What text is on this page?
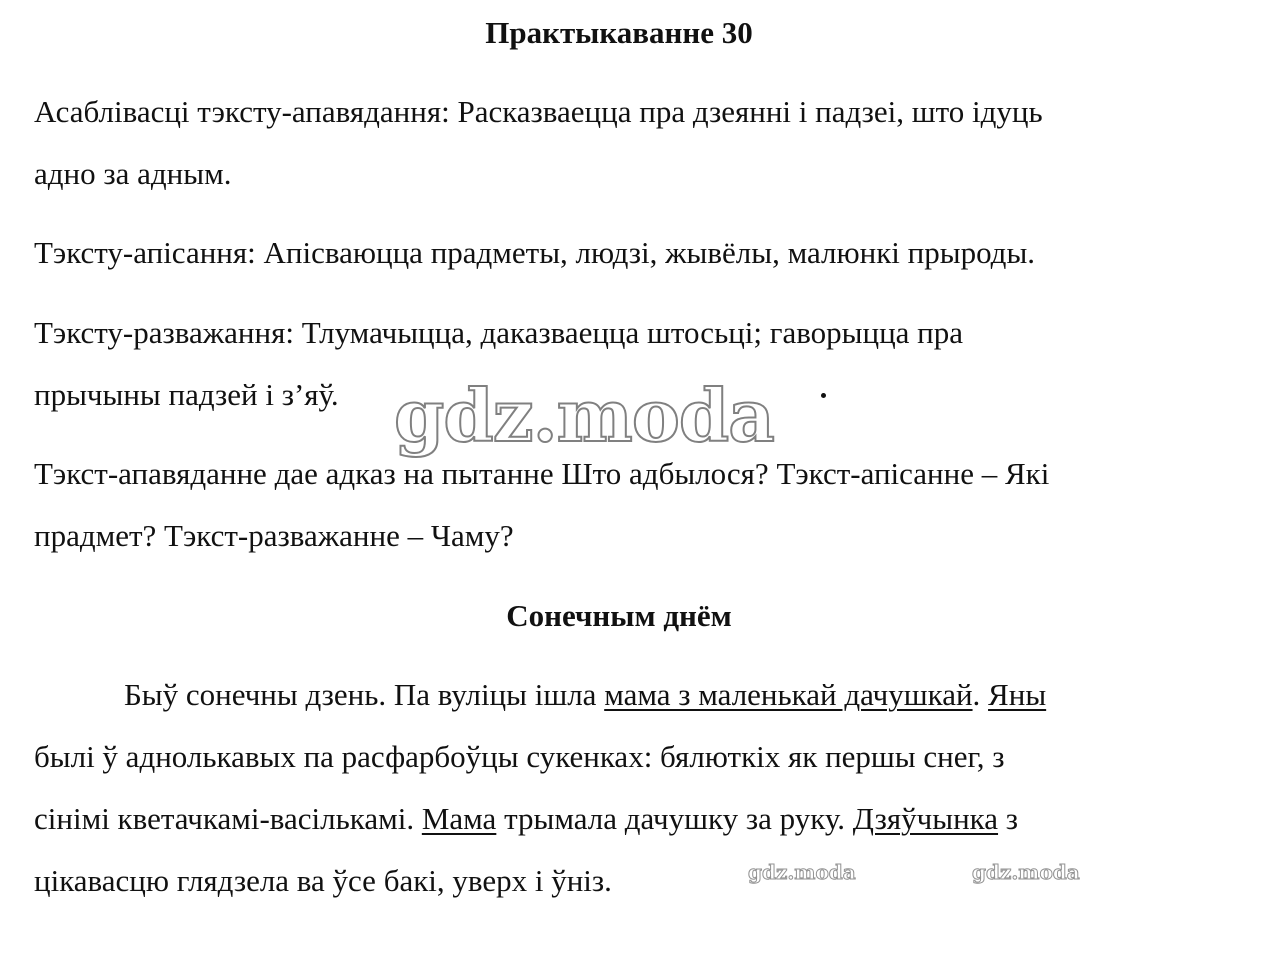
Практыкаванне 30
Асаблівасці тэксту-апавядання: Расказваецца пра дзеянні і падзеі, што ідуць
адно за адным.
Тэксту-апісання: Апісваюцца прадметы, людзі, жывёлы, малюнкі прыроды.
Тэксту-разважання: Тлумачыцца, даказваецца штосьці; гаворыцца пра
прычыны падзей і з’яў.
Тэкст-апавяданне дае адказ на пытанне Што адбылося? Тэкст-апісанне – Які
прадмет? Тэкст-разважанне – Чаму?
Сонечным днём
Быў сонечны дзень. Па вуліцы ішла мама з маленькай дачушкай. Яны
былі ў аднолькавых па расфарбоўцы сукенках: бялюткіх як першы снег, з
сінімі кветачкамі-васількамі. Мама трымала дачушку за руку. Дзяўчынка з
цікавасцю глядзела ва ўсе бакі, уверх і ўніз.
gdz.moda
gdz.moda	gdz.moda
